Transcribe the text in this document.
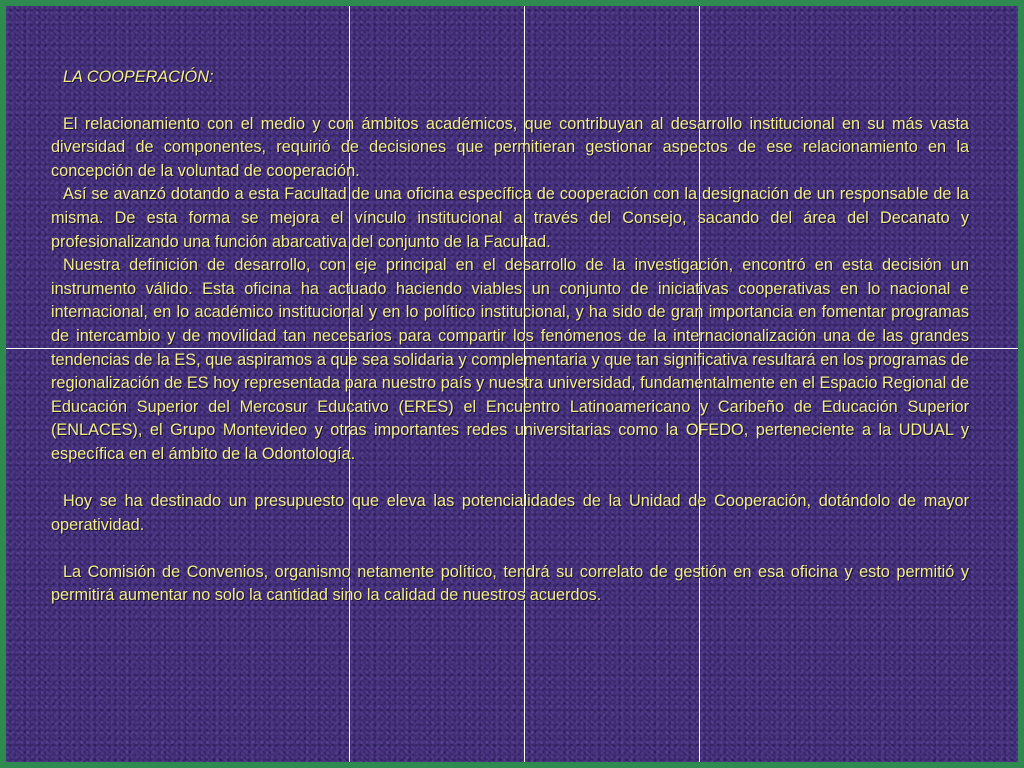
LA COOPERACIÓN:

El relacionamiento con el medio y con ámbitos académicos, que contribuyan al desarrollo institucional en su más vasta diversidad de componentes, requirió de decisiones que permitieran gestionar aspectos de ese relacionamiento en la concepción de la voluntad de cooperación.

Así se avanzó dotando a esta Facultad de una oficina específica de cooperación con la designación de un responsable de la misma. De esta forma se mejora el vínculo institucional a través del Consejo, sacando del área del Decanato y profesionalizando una función abarcativa del conjunto de la Facultad.

Nuestra definición de desarrollo, con eje principal en el desarrollo de la investigación, encontró en esta decisión un instrumento válido. Esta oficina ha actuado haciendo viables un conjunto de iniciativas cooperativas en lo nacional e internacional, en lo académico institucional y en lo político institucional, y ha sido de gran importancia en fomentar programas de intercambio y de movilidad tan necesarios para compartir los fenómenos de la internacionalización una de las grandes tendencias de la ES, que aspiramos a que sea solidaria y complementaria y que tan significativa resultará en los programas de regionalización de ES hoy representada para nuestro país y nuestra universidad, fundamentalmente en el Espacio Regional de Educación Superior del Mercosur Educativo (ERES) el Encuentro Latinoamericano y Caribeño de Educación Superior (ENLACES), el Grupo Montevideo y otras importantes redes universitarias como la OFEDO, perteneciente a la UDUAL y específica en el ámbito de la Odontología.

Hoy se ha destinado un presupuesto que eleva las potencialidades de la Unidad de Cooperación, dotándolo de mayor operatividad.

La Comisión de Convenios, organismo netamente político, tendrá su correlato de gestión en esa oficina y esto permitió y permitirá aumentar no solo la cantidad sino la calidad de nuestros acuerdos.
